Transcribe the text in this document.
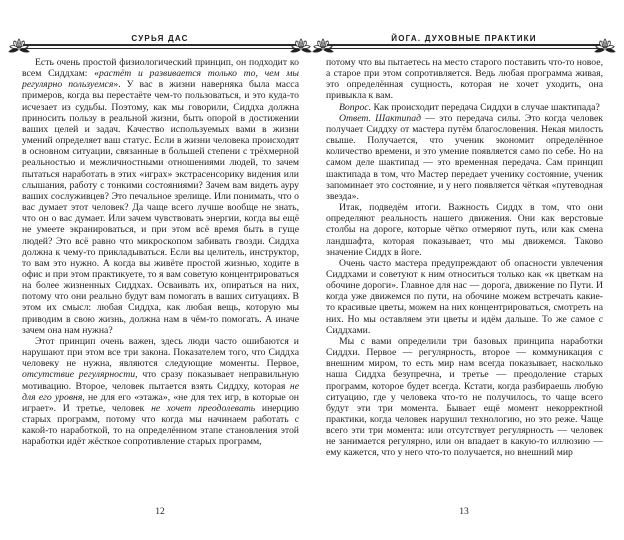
СУРЬЯ ДАС

Есть очень простой физиологический принцип, он подходит ко всем Сиддхам: «растёт и развивается только то, чем мы регулярно пользуемся». У вас в жизни наверняка была масса примеров, когда вы перестаёте чем-то пользоваться, и это куда-то исчезает из судьбы. Поэтому, как мы говорили, Сиддха должна приносить пользу в реальной жизни, быть опорой в достижении ваших целей и задач. Качество используемых вами в жизни умений определяет ваш статус. Если в жизни человека происходят в основном ситуации, связанные в большей степени с трёхмерной реальностью и межличностными отношениями людей, то зачем пытаться наработать в этих «играх» экстрасенсорику видения или слышания, работу с тонкими состояниями? Зачем вам видеть ауру ваших сослуживцев? Это печальное зрелище. Или понимать, что о вас думает этот человек? Да чаще всего лучше вообще не знать, что он о вас думает. Или зачем чувствовать энергии, когда вы ещё не умеете экранироваться, и при этом всё время быть в гуще людей? Это всё равно что микроскопом забивать гвозди. Сиддха должна к чему-то прикладываться. Если вы целитель, инструктор, то вам это нужно. А когда вы живёте простой жизнью, ходите в офис и при этом практикуете, то я вам советую концентрироваться на более жизненных Сиддхах. Осваивать их, опираться на них, потому что они реально будут вам помогать в ваших ситуациях. В этом их смысл: любая Сиддха, как любая вещь, которую мы приводим в свою жизнь, должна нам в чём-то помогать. А иначе зачем она нам нужна?

Этот принцип очень важен, здесь люди часто ошибаются и нарушают при этом все три закона. Показателем того, что Сиддха человеку не нужна, являются следующие моменты. Первое, отсутствие регулярности, что сразу показывает неправильную мотивацию. Второе, человек пытается взять Сиддху, которая не для его уровня, не для его «этажа», «не для тех игр, в которые он играет». И третье, человек не хочет преодолевать инерцию старых программ, потому что когда мы начинаем работать с какой-то наработкой, то на определённом этапе становления этой наработки идёт жёсткое сопротивление старых программ,

12
ЙОГА. ДУХОВНЫЕ ПРАКТИКИ

потому что вы пытаетесь на место старого поставить что-то новое, а старое при этом сопротивляется. Ведь любая программа живая, это определённая сущность, которая не хочет уходить, она привыкла к вам.

Вопрос. Как происходит передача Сиддхи в случае шактипада?

Ответ. Шактипад — это передача силы. Это когда человек получает Сиддху от мастера путём благословения. Некая милость свыше. Получается, что ученик экономит определённое количество времени, и это умение появляется само по себе. Но на самом деле шактипад — это временная передача. Сам принцип шактипада в том, что Мастер передает ученику состояние, ученик запоминает это состояние, и у него появляется чёткая «путеводная звезда».

Итак, подведём итоги. Важность Сиддх в том, что они определяют реальность нашего движения. Они как верстовые столбы на дороге, которые чётко отмеряют путь, или как смена ландшафта, которая показывает, что мы движемся. Таково значение Сиддх в йоге.

Очень часто мастера предупреждают об опасности увлечения Сиддхами и советуют к ним относиться только как «к цветкам на обочине дороги». Главное для нас — дорога, движение по Пути. И когда уже движемся по пути, на обочине можем встречать какие-то красивые цветы, можем на них концентрироваться, смотреть на них. Но мы оставляем эти цветы и идём дальше. То же самое с Сиддхами.

Мы с вами определили три базовых принципа наработки Сиддхи. Первое — регулярность, второе — коммуникация с внешним миром, то есть мир нам всегда показывает, насколько наша Сиддха безупречна, и третье — преодоление старых программ, которое будет всегда. Кстати, когда разбираешь любую ситуацию, где у человека что-то не получилось, то чаще всего будут эти три момента. Бывает ещё момент некорректной практики, когда человек нарушил технологию, но это реже. Чаще всего эти три момента: или отсутствует регулярность — человек не занимается регулярно, или он впадает в какую-то иллюзию — ему кажется, что у него что-то получается, но внешний мир

13
